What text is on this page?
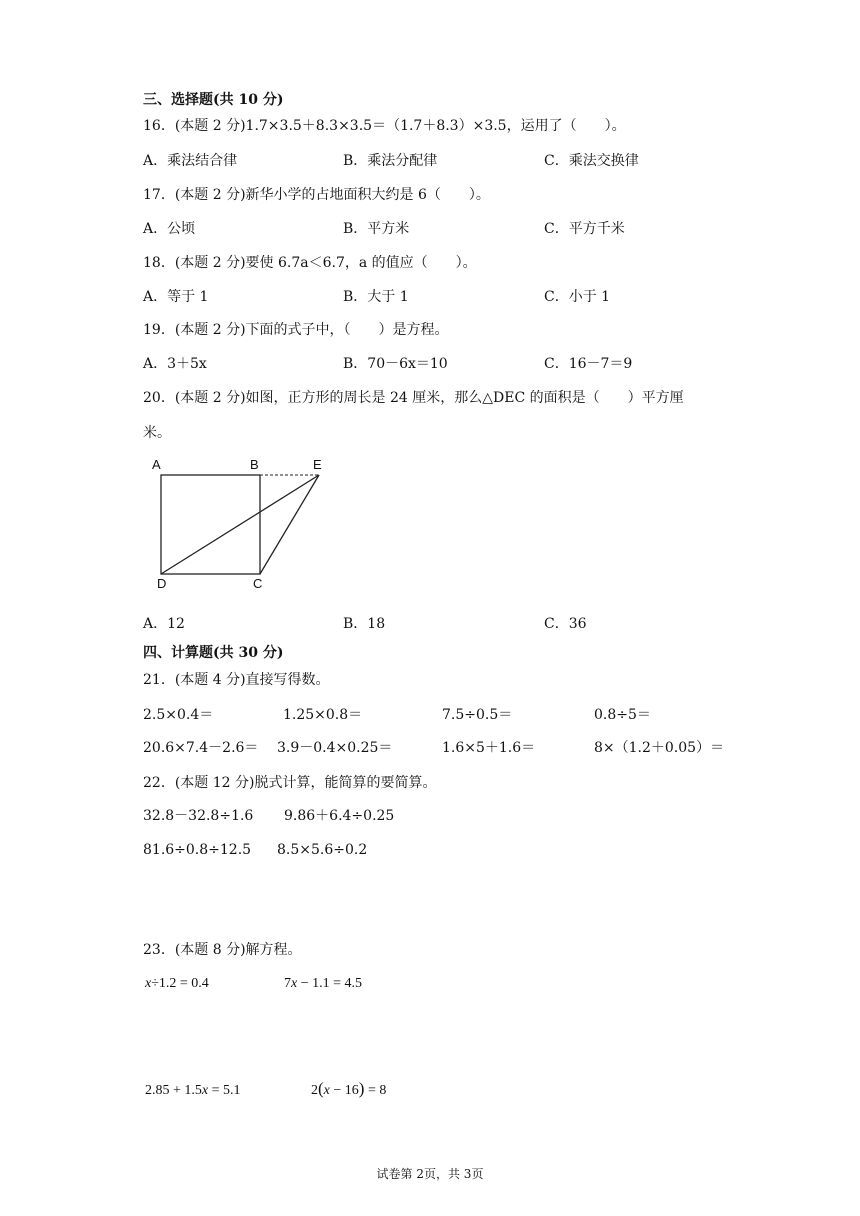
三、选择题(共 10 分)
16．(本题 2 分)1.7×3.5＋8.3×3.5＝（1.7＋8.3）×3.5，运用了（　　）。
A．乘法结合律	B．乘法分配律	C．乘法交换律
17．(本题 2 分)新华小学的占地面积大约是 6（　　）。
A．公顷	B．平方米	C．平方千米
18．(本题 2 分)要使 6.7a＜6.7，a 的值应（　　）。
A．等于 1	B．大于 1	C．小于 1
19．(本题 2 分)下面的式子中，（　　）是方程。
A．3＋5x	B．70－6x＝10	C．16－7＝9
20．(本题 2 分)如图，正方形的周长是 24 厘米，那么△DEC 的面积是（　　）平方厘
米。
A	B	E
D	C
A．12	B．18	C．36
四、计算题(共 30 分)
21．(本题 4 分)直接写得数。
2.5×0.4＝	1.25×0.8＝	7.5÷0.5＝	0.8÷5＝
20.6×7.4－2.6＝ 3.9－0.4×0.25＝	1.6×5＋1.6＝	8×（1.2＋0.05）＝
22．(本题 12 分)脱式计算，能简算的要简算。
32.8－32.8÷1.6 9.86＋6.4÷0.25
81.6÷0.8÷12.5 8.5×5.6÷0.2
23．(本题 8 分)解方程。
x÷1.2 = 0.4	7x − 1.1 = 4.5
2.85 + 1.5x = 5.1	2(x − 16) = 8
试卷第 2页，共 3页
